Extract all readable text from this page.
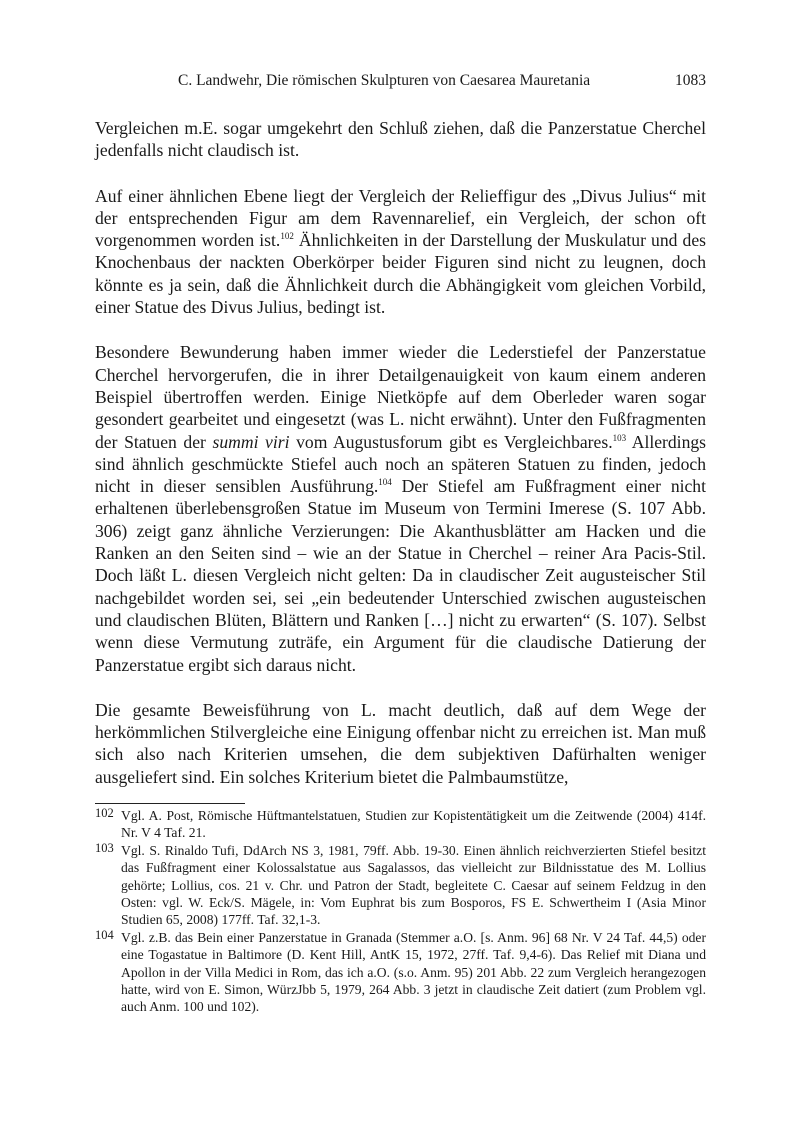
C. Landwehr, Die römischen Skulpturen von Caesarea Mauretania	1083

Vergleichen m.E. sogar umgekehrt den Schluß ziehen, daß die Panzerstatue Cherchel jedenfalls nicht claudisch ist.

Auf einer ähnlichen Ebene liegt der Vergleich der Relieffigur des „Divus Julius“ mit der entsprechenden Figur am dem Ravennarelief, ein Vergleich, der schon oft vorgenommen worden ist.$^{102}$ Ähnlichkeiten in der Darstellung der Muskulatur und des Knochenbaus der nackten Oberkörper beider Figuren sind nicht zu leugnen, doch könnte es ja sein, daß die Ähnlichkeit durch die Abhängigkeit vom gleichen Vorbild, einer Statue des Divus Julius, bedingt ist.

Besondere Bewunderung haben immer wieder die Lederstiefel der Panzerstatue Cherchel hervorgerufen, die in ihrer Detailgenauigkeit von kaum einem anderen Beispiel übertroffen werden. Einige Nietköpfe auf dem Oberleder waren sogar gesondert gearbeitet und eingesetzt (was L. nicht erwähnt). Unter den Fußfragmenten der Statuen der summi viri vom Augustusforum gibt es Vergleichbares.$^{103}$ Allerdings sind ähnlich geschmückte Stiefel auch noch an späteren Statuen zu finden, jedoch nicht in dieser sensiblen Ausführung.$^{104}$ Der Stiefel am Fußfragment einer nicht erhaltenen überlebensgroßen Statue im Museum von Termini Imerese (S. 107 Abb. 306) zeigt ganz ähnliche Verzierungen: Die Akanthusblätter am Hacken und die Ranken an den Seiten sind – wie an der Statue in Cherchel – reiner Ara Pacis-Stil. Doch läßt L. diesen Vergleich nicht gelten: Da in claudischer Zeit augusteischer Stil nachgebildet worden sei, sei „ein bedeutender Unterschied zwischen augusteischen und claudischen Blüten, Blättern und Ranken […] nicht zu erwarten“ (S. 107). Selbst wenn diese Vermutung zuträfe, ein Argument für die claudische Datierung der Panzerstatue ergibt sich daraus nicht.

Die gesamte Beweisführung von L. macht deutlich, daß auf dem Wege der herkömmlichen Stilvergleiche eine Einigung offenbar nicht zu erreichen ist. Man muß sich also nach Kriterien umsehen, die dem subjektiven Dafürhalten weniger ausgeliefert sind. Ein solches Kriterium bietet die Palmbaumstütze,

102 Vgl. A. Post, Römische Hüftmantelstatuen, Studien zur Kopistentätigkeit um die Zeitwende (2004) 414f. Nr. V 4 Taf. 21.

103 Vgl. S. Rinaldo Tufi, DdArch NS 3, 1981, 79ff. Abb. 19-30. Einen ähnlich reichverzierten Stiefel besitzt das Fußfragment einer Kolossalstatue aus Sagalassos, das vielleicht zur Bildnisstatue des M. Lollius gehörte; Lollius, cos. 21 v. Chr. und Patron der Stadt, begleitete C. Caesar auf seinem Feldzug in den Osten: vgl. W. Eck/S. Mägele, in: Vom Euphrat bis zum Bosporos, FS E. Schwertheim I (Asia Minor Studien 65, 2008) 177ff. Taf. 32,1-3.

104 Vgl. z.B. das Bein einer Panzerstatue in Granada (Stemmer a.O. [s. Anm. 96] 68 Nr. V 24 Taf. 44,5) oder eine Togastatue in Baltimore (D. Kent Hill, AntK 15, 1972, 27ff. Taf. 9,4-6). Das Relief mit Diana und Apollon in der Villa Medici in Rom, das ich a.O. (s.o. Anm. 95) 201 Abb. 22 zum Vergleich herangezogen hatte, wird von E. Simon, WürzJbb 5, 1979, 264 Abb. 3 jetzt in claudische Zeit datiert (zum Problem vgl. auch Anm. 100 und 102).
